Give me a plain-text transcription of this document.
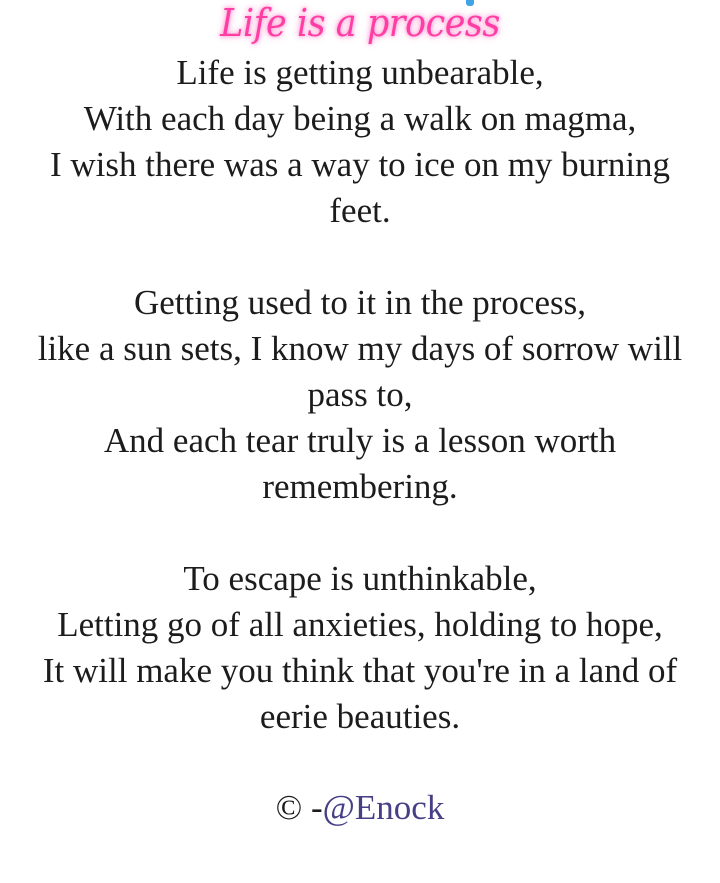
Life is a process
Life is getting unbearable,
With each day being a walk on magma,
I wish there was a way to ice on my burning
feet.
Getting used to it in the process,
like a sun sets, I know my days of sorrow will
pass to,
And each tear truly is a lesson worth
remembering.
To escape is unthinkable,
Letting go of all anxieties, holding to hope,
It will make you think that you're in a land of
eerie beauties.
© -@Enock
